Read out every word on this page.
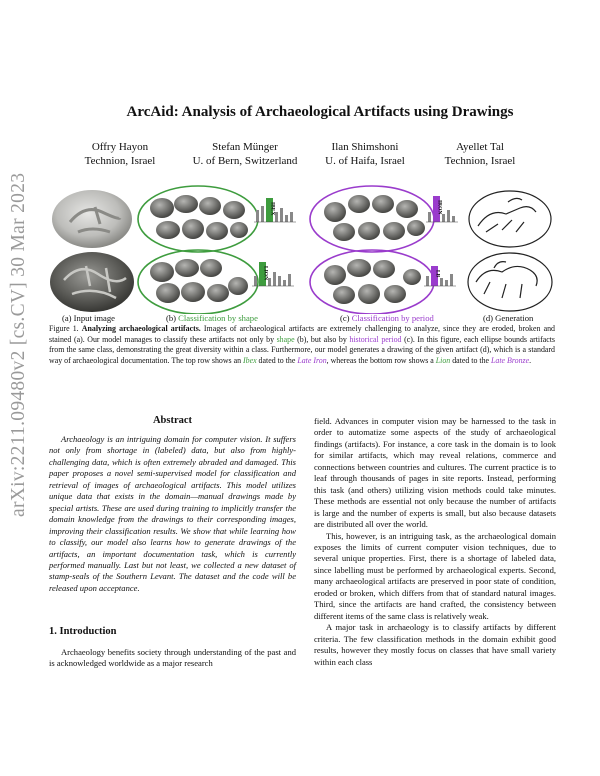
arXiv:2211.09480v2 [cs.CV] 30 Mar 2023
ArcAid: Analysis of Archaeological Artifacts using Drawings
Offry Hayon
Technion, Israel
Stefan Münger
U. of Bern, Switzerland
Ilan Shimshoni
U. of Haifa, Israel
Ayellet Tal
Technion, Israel
IBEX
LION
IRON
LB
(a) Input image	(b) Classification by shape	(c) Classification by period	(d) Generation
Figure 1. Analyzing archaeological artifacts. Images of archaeological artifacts are extremely challenging to analyze, since they are eroded, broken and stained (a). Our model manages to classify these artifacts not only by shape (b), but also by historical period (c). In this figure, each ellipse bounds artifacts from the same class, demonstrating the great diversity within a class. Furthermore, our model generates a drawing of the given artifact (d), which is a standard way of archaeological documentation. The top row shows an Ibex dated to the Late Iron, whereas the bottom row shows a Lion dated to the Late Bronze.
Abstract

Archaeology is an intriguing domain for computer vision. It suffers not only from shortage in (labeled) data, but also from highly-challenging data, which is often extremely abraded and damaged. This paper proposes a novel semi-supervised model for classification and retrieval of images of archaeological artifacts. This model utilizes unique data that exists in the domain—manual drawings made by special artists. These are used during training to implicitly transfer the domain knowledge from the drawings to their corresponding images, improving their classification results. We show that while learning how to classify, our model also learns how to generate drawings of the artifacts, an important documentation task, which is currently performed manually. Last but not least, we collected a new dataset of stamp-seals of the Southern Levant. The dataset and the code will be released upon acceptance.

1. Introduction

Archaeology benefits society through understanding of the past and is acknowledged worldwide as a major research

field. Advances in computer vision may be harnessed to the task in order to automatize some aspects of the study of archaeological findings (artifacts). For instance, a core task in the domain is to look for similar artifacts, which may reveal relations, commerce and connections between countries and cultures. The current practice is to leaf through thousands of pages in site reports. Instead, performing this task (and others) utilizing vision methods could take minutes. These methods are essential not only because the number of artifacts is large and the number of experts is small, but also because datasets are distributed all over the world.

This, however, is an intriguing task, as the archaeological domain exposes the limits of current computer vision techniques, due to several unique properties. First, there is a shortage of labeled data, since labelling must be performed by archaeological experts. Second, many archaeological artifacts are preserved in poor state of condition, eroded or broken, which differs from that of standard natural images. Third, since the artifacts are hand crafted, the consistency between different items of the same class is relatively weak.

A major task in archaeology is to classify artifacts by different criteria. The few classification methods in the domain exhibit good results, however they mostly focus on classes that have small variety within each class
